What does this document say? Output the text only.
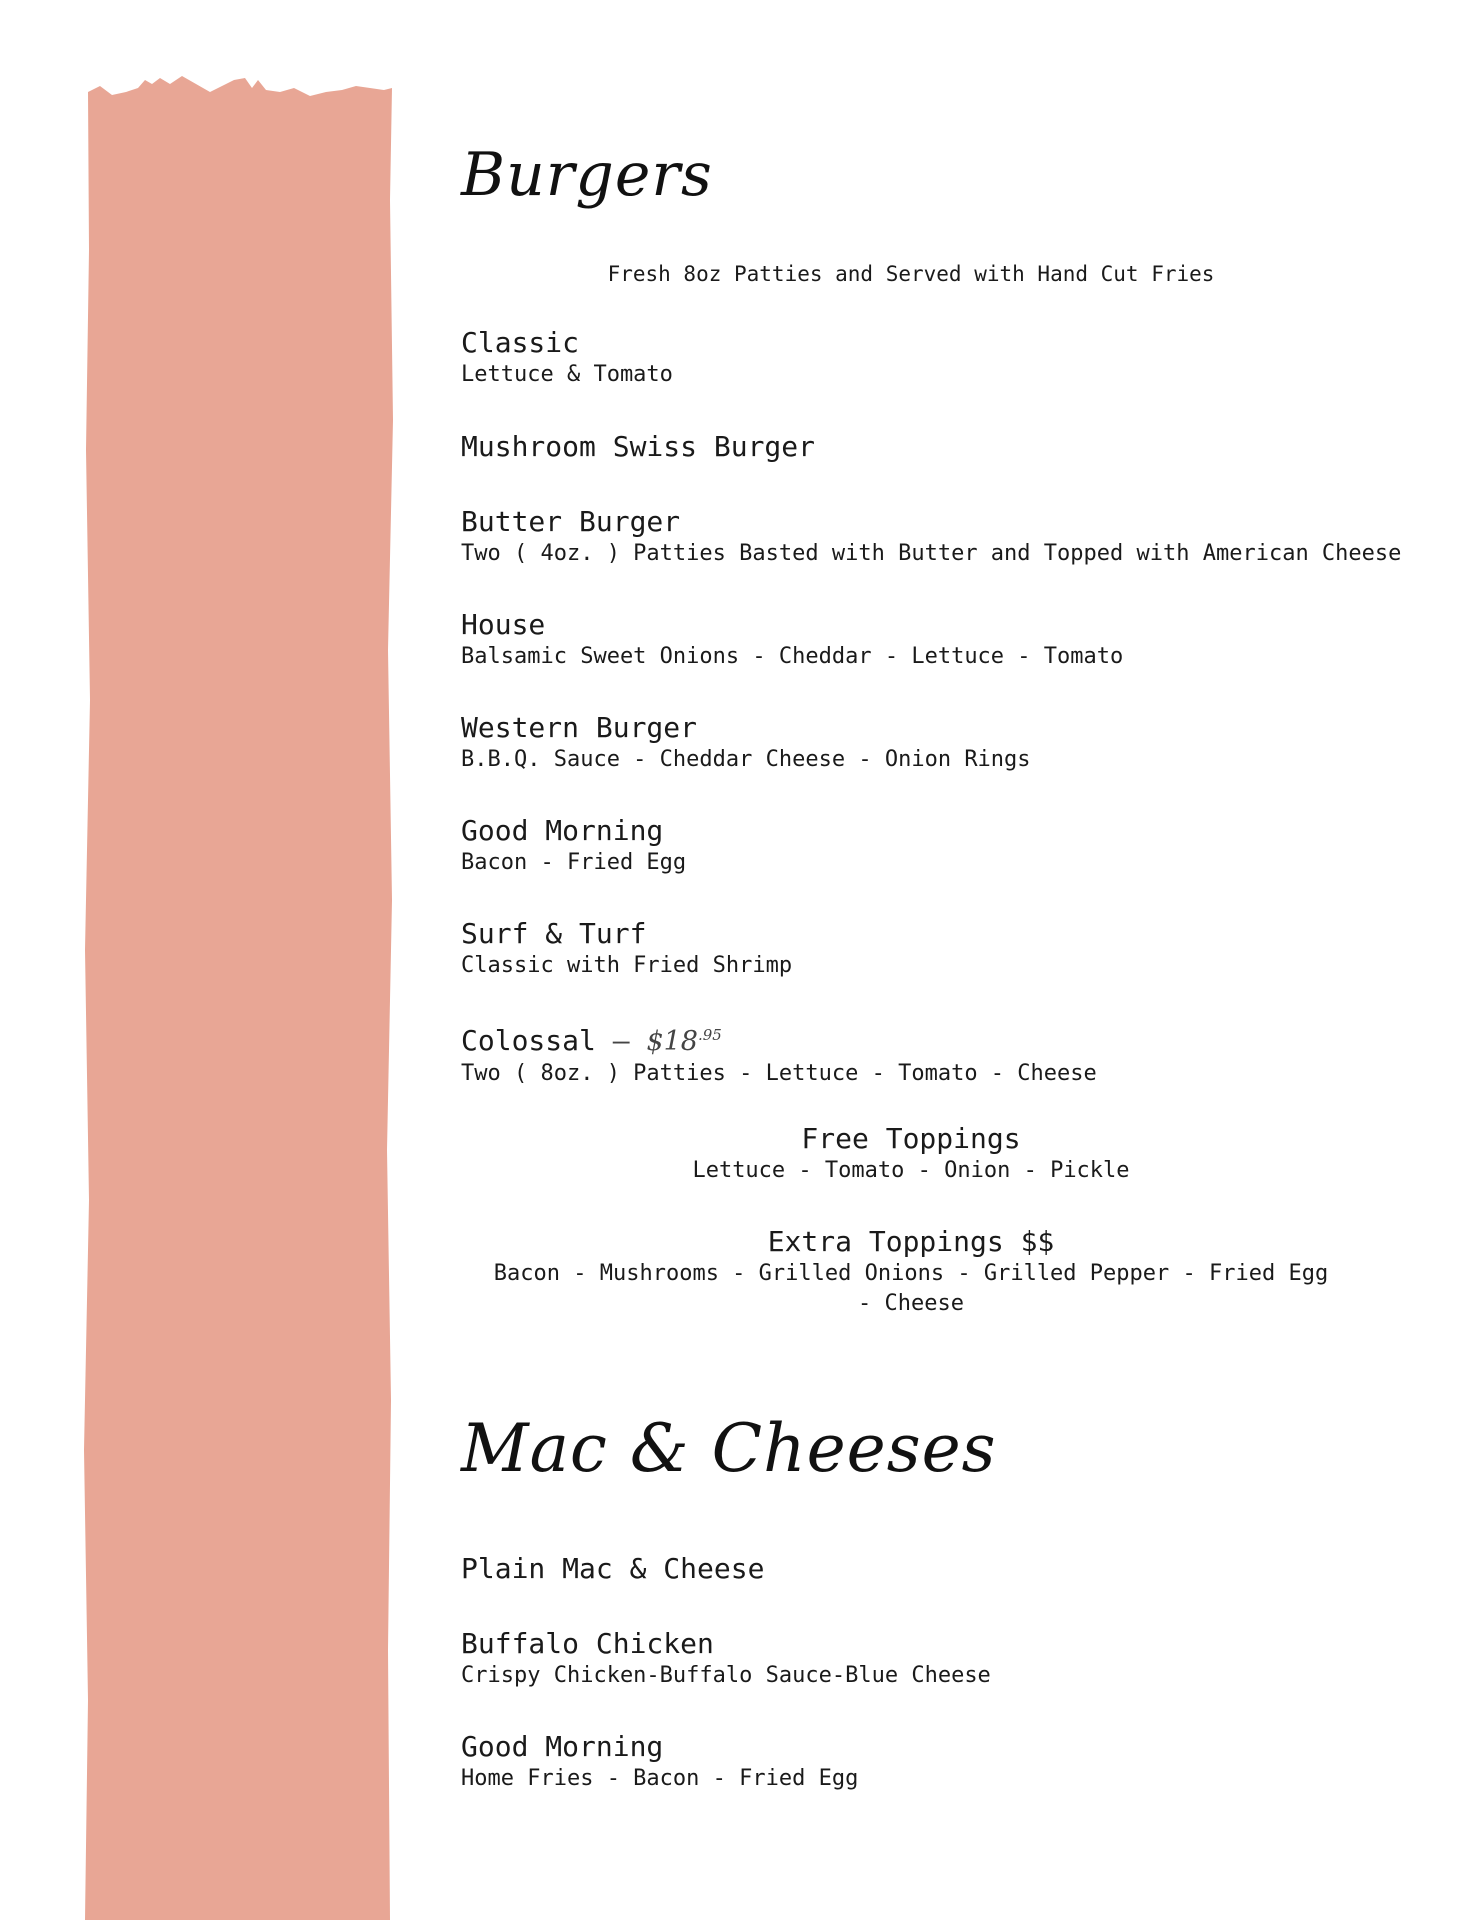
Burgers
Fresh 8oz Patties and Served with Hand Cut Fries
Classic
Lettuce & Tomato
Mushroom Swiss Burger
Butter Burger
Two ( 4oz. ) Patties Basted with Butter and Topped with American Cheese
House
Balsamic Sweet Onions - Cheddar - Lettuce - Tomato
Western Burger
B.B.Q. Sauce - Cheddar Cheese - Onion Rings
Good Morning
Bacon - Fried Egg
Surf & Turf
Classic with Fried Shrimp
Colossal — $\$18^{.95}$
Two ( 8oz. ) Patties - Lettuce - Tomato - Cheese
Free Toppings
Lettuce - Tomato - Onion - Pickle
Extra Toppings $$
Bacon - Mushrooms - Grilled Onions - Grilled Pepper - Fried Egg - Cheese
Mac & Cheeses
Plain Mac & Cheese
Buffalo Chicken
Crispy Chicken-Buffalo Sauce-Blue Cheese
Good Morning
Home Fries - Bacon - Fried Egg
